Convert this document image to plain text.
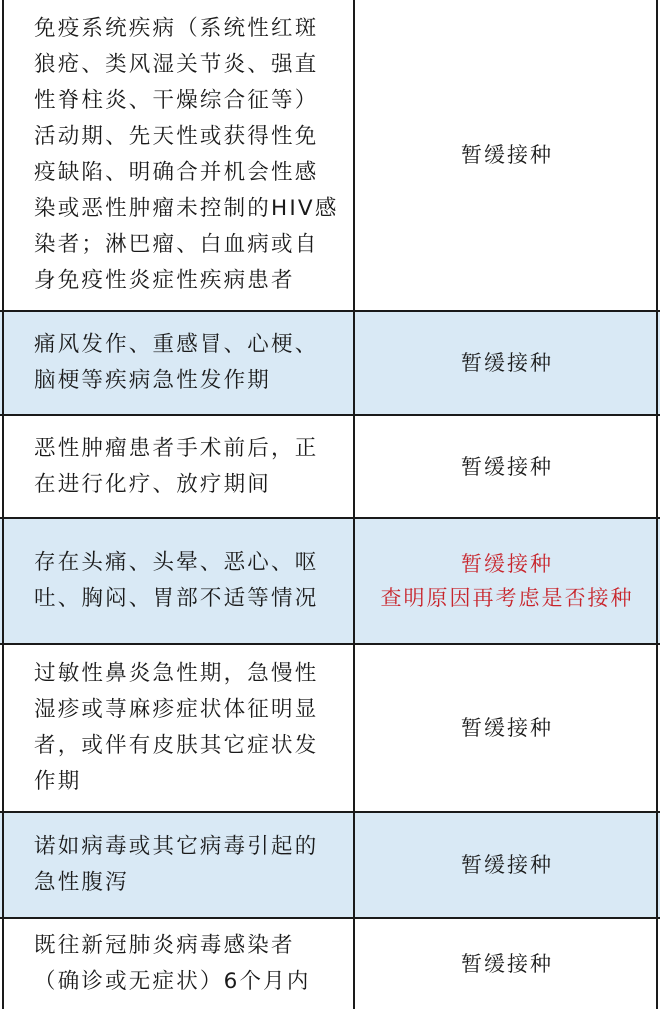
免疫系统疾病（系统性红斑狼疮、类风湿关节炎、强直性脊柱炎、干燥综合征等）活动期、先天性或获得性免疫缺陷、明确合并机会性感染或恶性肿瘤未控制的HIV感染者；淋巴瘤、白血病或自身免疫性炎症性疾病患者
暂缓接种
痛风发作、重感冒、心梗、脑梗等疾病急性发作期
暂缓接种
恶性肿瘤患者手术前后，正在进行化疗、放疗期间
暂缓接种
存在头痛、头晕、恶心、呕吐、胸闷、胃部不适等情况
暂缓接种
查明原因再考虑是否接种
过敏性鼻炎急性期，急慢性湿疹或荨麻疹症状体征明显者，或伴有皮肤其它症状发作期
暂缓接种
诺如病毒或其它病毒引起的急性腹泻
暂缓接种
既往新冠肺炎病毒感染者（确诊或无症状）6个月内
暂缓接种
